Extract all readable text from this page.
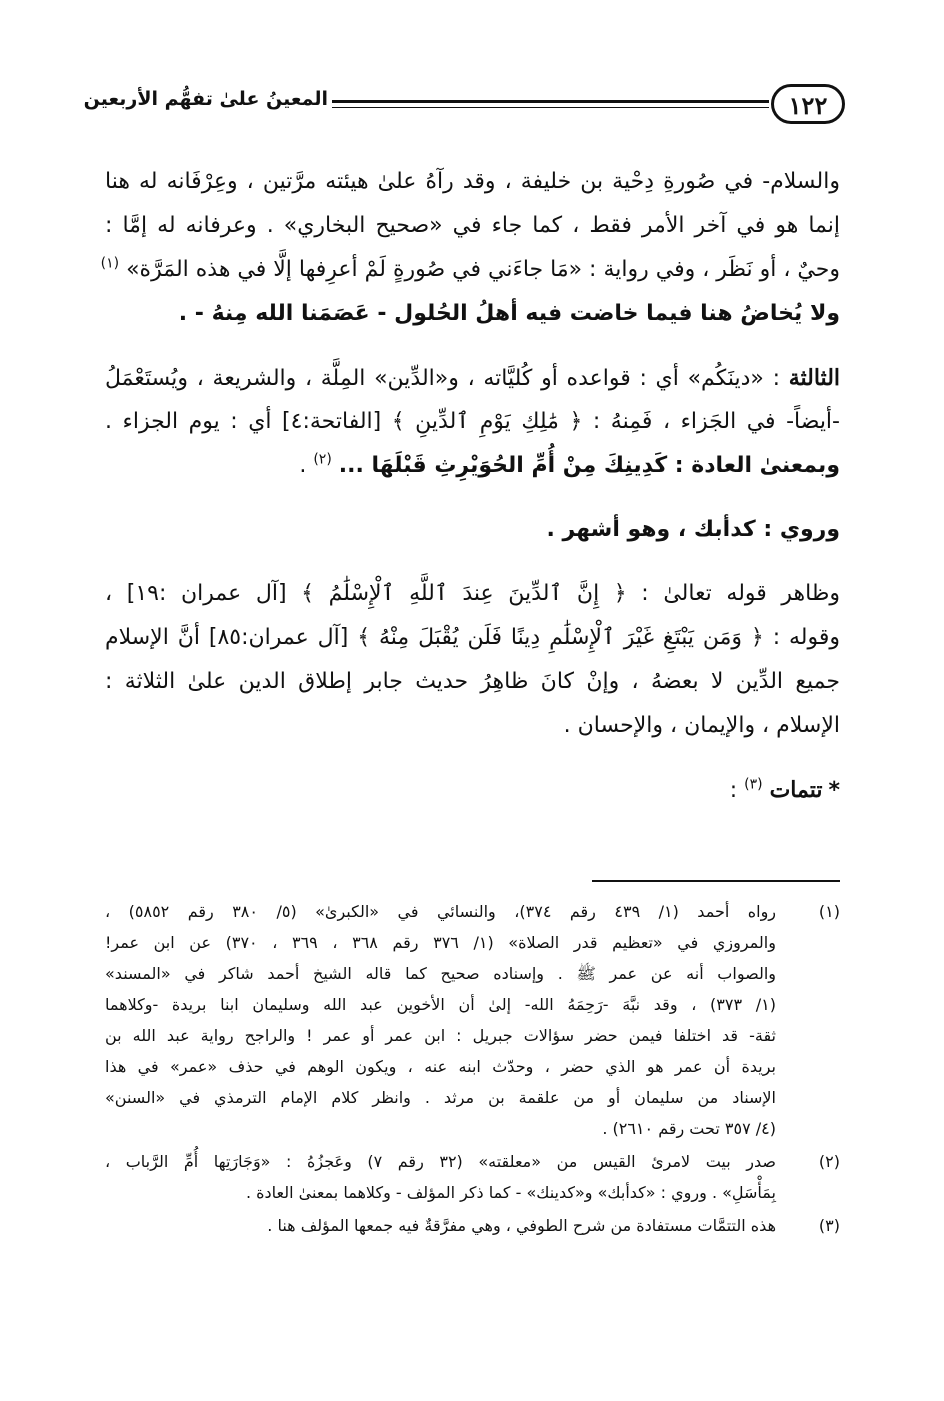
١٢٢
المعينُ علىٰ تفهُّم الأربعين
والسلام- في صُورةِ دِحْية بن خليفة ، وقد رآهُ علىٰ هيئته مرَّتين ، وعِرْفَانه له هنا
إنما هو في آخر الأمر فقط ، كما جاء في «صحيح البخاري» . وعرفانه له إمَّا :
وحيٌ ، أو نَظَر ، وفي رواية : «مَا جاءَني في صُورةٍ لَمْ أعرِفها إلَّا في هذه المَرَّة» $^{(١)}$
ولا يُخاضُ هنا فيما خاضت فيه أهلُ الحُلول - عَصَمَنا الله مِنهُ - .
الثالثة : «دينَكُم» أي : قواعده أو كُليَّاته ، و«الدِّين» المِلَّة ، والشريعة ، ويُستَعْمَلُ
-أيضاً- في الجَزاء ، فَمِنهُ : ﴿ مَٰلِكِ يَوْمِ ٱلدِّينِ ﴾ [الفاتحة:٤] أي : يوم الجزاء .
وبمعنىٰ العادة : كَدِينِكَ مِنْ أُمِّ الحُوَيْرِثِ قَبْلَهَا ... $^{(٢)}$ .
وروي : كدأبك ، وهو أشهر .
وظاهر قوله تعالىٰ : ﴿ إِنَّ ٱلدِّينَ عِندَ ٱللَّهِ ٱلْإِسْلَٰمُ ﴾ [آل عمران :١٩] ،
وقوله : ﴿ وَمَن يَبْتَغِ غَيْرَ ٱلْإِسْلَٰمِ دِينًا فَلَن يُقْبَلَ مِنْهُ ﴾ [آل عمران:٨٥] أنَّ الإسلام
جميع الدِّين لا بعضهُ ، وإنْ كانَ ظاهِرُ حديث جابر إطلاق الدين علىٰ الثلاثة :
الإسلام ، والإيمان ، والإحسان .
*تتمات $^{(٣)}$ :
(١)
رواه أحمد (١/ ٤٣٩ رقم ٣٧٤)، والنسائي في «الكبرىٰ» (٥/ ٣٨٠ رقم ٥٨٥٢) ،
والمروزي في «تعظيم قدر الصلاة» (١/ ٣٧٦ رقم ٣٦٨ ، ٣٦٩ ، ٣٧٠) عن ابن عمر!
والصواب أنه عن عمر ﷺ . وإسناده صحيح كما قاله الشيخ أحمد شاكر في «المسند»
(١/ ٣٧٣) ، وقد نبَّهَ -رَحِمَهُ الله- إلىٰ أن الأخوين عبد الله وسليمان ابنا بريدة -وكلاهما
ثقة- قد اختلفا فيمن حضر سؤالات جبريل : ابن عمر أو عمر ! والراجح رواية عبد الله بن
بريدة أن عمر هو الذي حضر ، وحدّث ابنه عنه ، ويكون الوهم في حذف «عمر» في هذا
الإسناد من سليمان أو من علقمة بن مرثد . وانظر كلام الإمام الترمذي في «السنن»
(٤/ ٣٥٧ تحت رقم ٢٦١٠) .
(٢)
صدر بيت لامرئ القيس من «معلقته» (٣٢ رقم ٧) وعَجزُهُ : «وَجَارَتِها أُمِّ الرَّباب ،
بِمَأْسَلِ» . وروي : «كدأبك» و«كدينك» - كما ذكر المؤلف - وكلاهما بمعنىٰ العادة .
(٣)
هذه التتمَّات مستفادة من شرح الطوفي ، وهي مفرَّقةٌ فيه جمعها المؤلف هنا .
